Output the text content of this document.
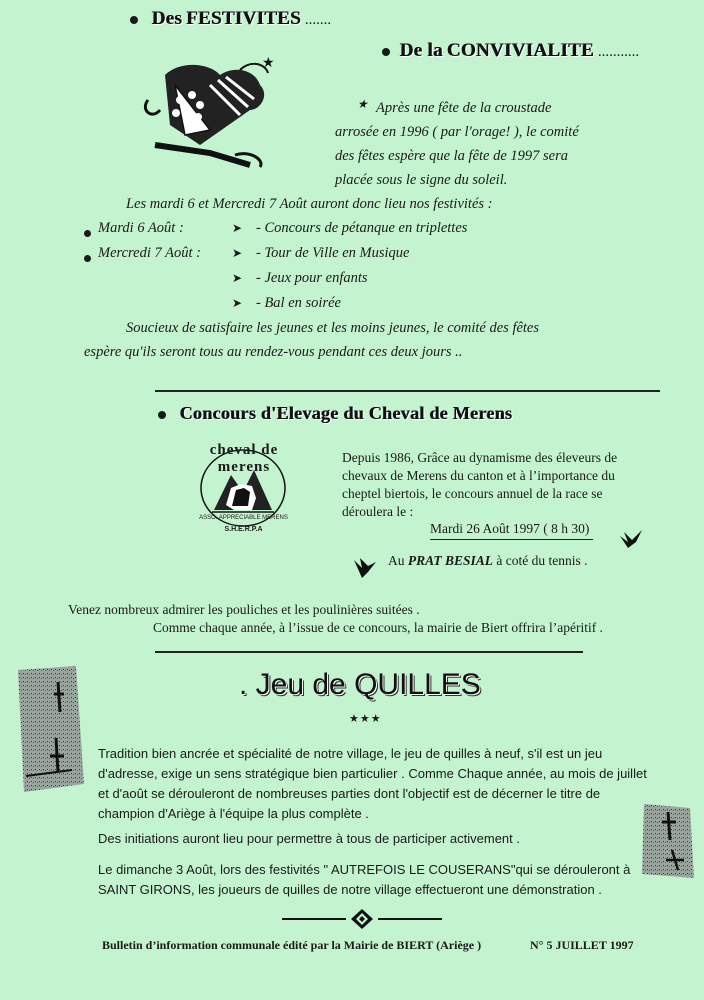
Des FESTIVITES .......
De la CONVIVIALITE ...........
★
★ Après une fête de la croustade
arrosée en 1996 ( par l'orage! ), le comité
des fêtes espère que la fête de 1997 sera
placée sous le signe du soleil.
Les mardi 6 et Mercredi 7 Août auront donc lieu nos festivités :
Mardi 6 Août :	➤ - Concours de pétanque en triplettes
Mercredi 7 Août :	➤ - Tour de Ville en Musique
➤ - Jeux pour enfants
➤ - Bal en soirée
Soucieux de satisfaire les jeunes et les moins jeunes, le comité des fêtes
espère qu'ils seront tous au rendez-vous pendant ces deux jours ..
Concours d'Elevage du Cheval de Merens
cheval de merens
ASSO. APPRECIABLE MERENS
S.H.E.R.P.A
Depuis 1986, Grâce au dynamisme des éleveurs de
chevaux de Merens du canton et à l’importance du
cheptel biertois, le concours annuel de la race se
déroulera le :
Mardi 26 Août 1997 ( 8 h 30)
Au PRAT BESIAL à coté du tennis .
Venez nombreux admirer les pouliches et les poulinières suitées .
Comme chaque année, à l’issue de ce concours, la mairie de Biert offrira l’apéritif .
. Jeu de QUILLES
★★★
Tradition bien ancrée et spécialité de notre village, le jeu de quilles à neuf, s'il est un jeu
d'adresse, exige un sens stratégique bien particulier . Comme Chaque année, au mois de juillet
et d'août se dérouleront de nombreuses parties dont l'objectif est de décerner le titre de
champion d'Ariège à l'équipe la plus complète .
Des initiations auront lieu pour permettre à tous de participer activement .
Le dimanche 3 Août, lors des festivités " AUTREFOIS LE COUSERANS"qui se dérouleront à
SAINT GIRONS, les joueurs de quilles de notre village effectueront une démonstration .
Bulletin d’information communale édité par la Mairie de BIERT (Ariège )	N° 5 JUILLET 1997
